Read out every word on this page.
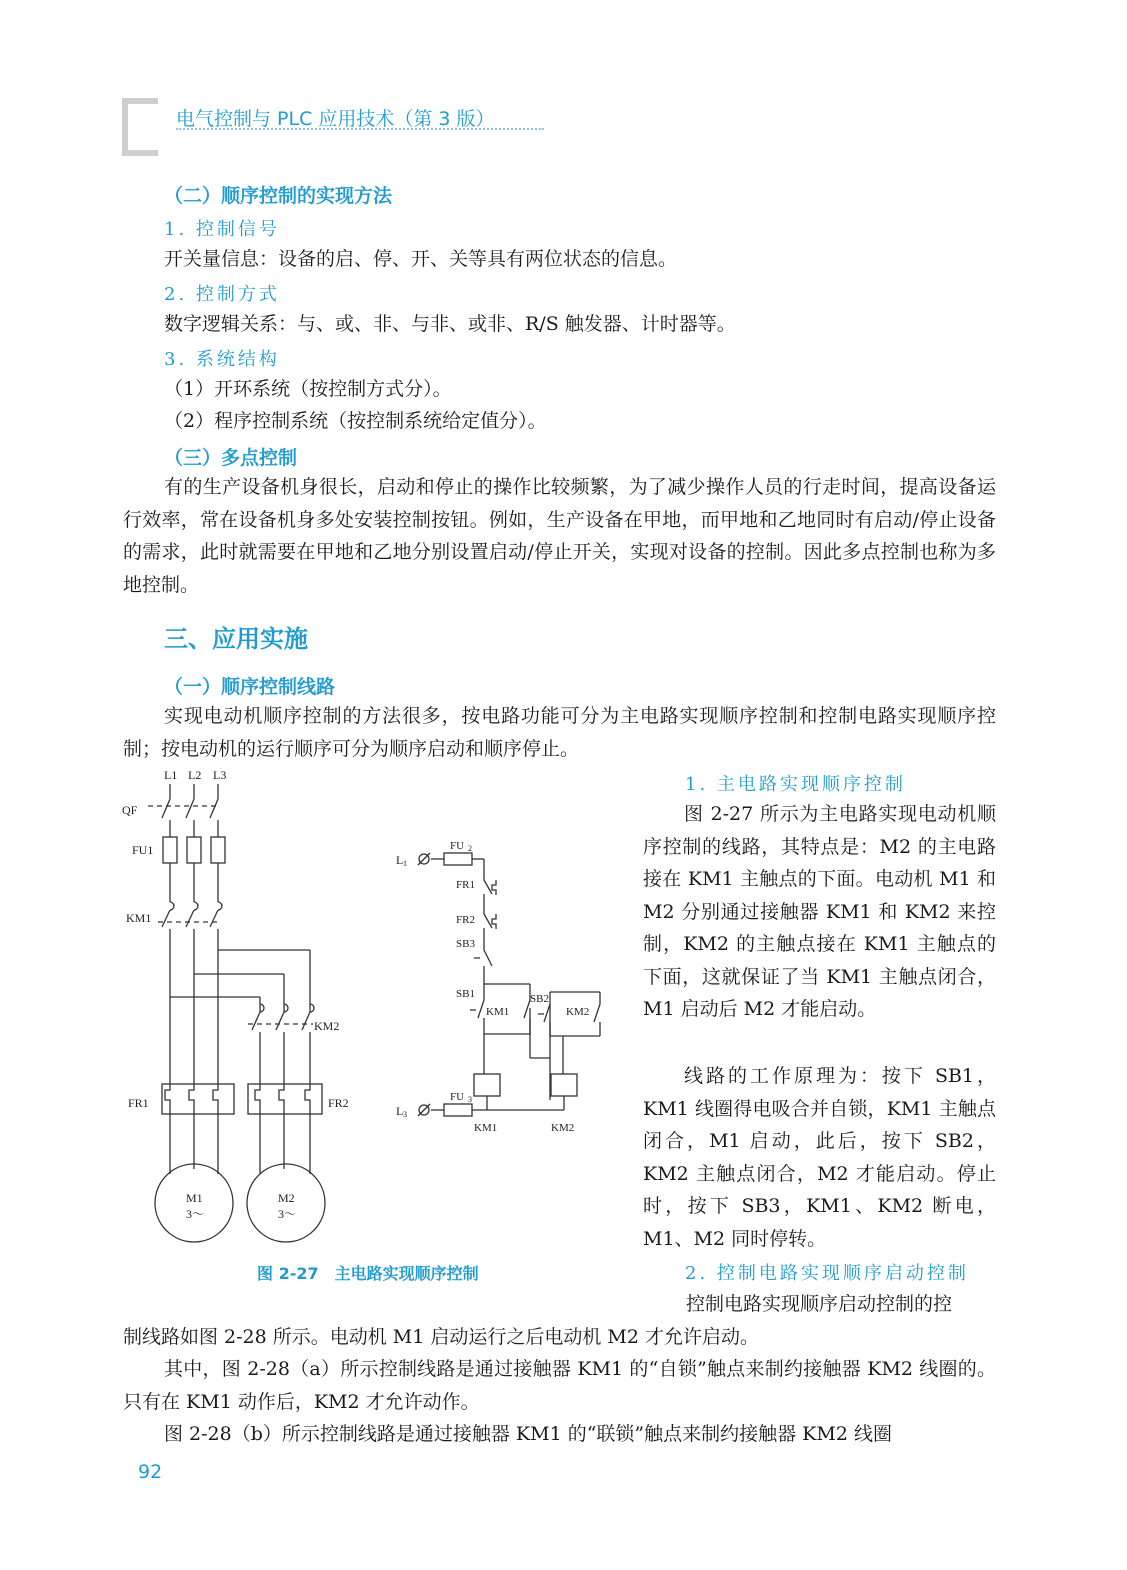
电气控制与 PLC 应用技术（第 3 版）
（二）顺序控制的实现方法
1. 控制信号
开关量信息：设备的启、停、开、关等具有两位状态的信息。
2. 控制方式
数字逻辑关系：与、或、非、与非、或非、R/S 触发器、计时器等。
3. 系统结构
（1）开环系统（按控制方式分）。
（2）程序控制系统（按控制系统给定值分）。
（三）多点控制
有的生产设备机身很长，启动和停止的操作比较频繁，为了减少操作人员的行走时间，提高设备运行效率，常在设备机身多处安装控制按钮。例如，生产设备在甲地，而甲地和乙地同时有启动/停止设备的需求，此时就需要在甲地和乙地分别设置启动/停止开关，实现对设备的控制。因此多点控制也称为多地控制。
三、应用实施
（一）顺序控制线路
实现电动机顺序控制的方法很多，按电路功能可分为主电路实现顺序控制和控制电路实现顺序控制；按电动机的运行顺序可分为顺序启动和顺序停止。
1. 主电路实现顺序控制
图 2-27 所示为主电路实现电动机顺序控制的线路，其特点是：M2 的主电路接在 KM1 主触点的下面。电动机 M1 和 M2 分别通过接触器 KM1 和 KM2 来控制，KM2 的主触点接在 KM1 主触点的下面，这就保证了当 KM1 主触点闭合，M1 启动后 M2 才能启动。
线路的工作原理为：按下 SB1，KM1 线圈得电吸合并自锁，KM1 主触点闭合，M1 启动，此后，按下 SB2，KM2 主触点闭合，M2 才能启动。停止时，按下 SB3，KM1、KM2 断电，M1、M2 同时停转。
2. 控制电路实现顺序启动控制
控制电路实现顺序启动控制的控
制线路如图 2-28 所示。电动机 M1 启动运行之后电动机 M2 才允许启动。
其中，图 2-28（a）所示控制线路是通过接触器 KM1 的“自锁”触点来制约接触器 KM2 线圈的。只有在 KM1 动作后，KM2 才允许动作。
图 2-28（b）所示控制线路是通过接触器 KM1 的“联锁”触点来制约接触器 KM2 线圈
L1 L2 L3
QF
FU1
KM1
KM2
FR1	FR2
M1
3～
M2
3～
L 1
FU 2
FR1
FR2
SB3
SB1	SB2
KM1	KM2
KM1	KM2
L 3
FU 3
图 2-27　主电路实现顺序控制
92
